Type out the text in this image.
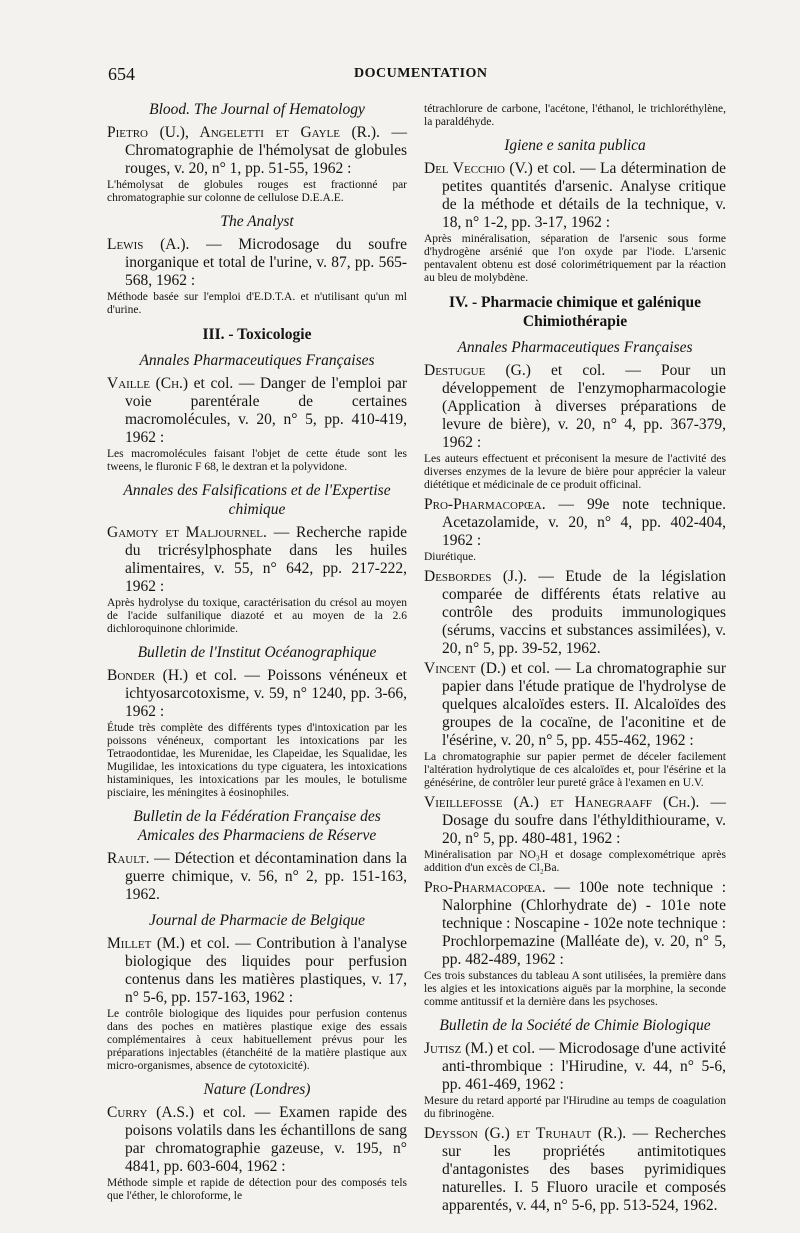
654	DOCUMENTATION

Blood. The Journal of Hematology

Pietro (U.), Angeletti et Gayle (R.). — Chromatographie de l'hémolysat de globules rouges, v. 20, n° 1, pp. 51-55, 1962 :

L'hémolysat de globules rouges est fractionné par chromatographie sur colonne de cellulose D.E.A.E.

The Analyst

Lewis (A.). — Microdosage du soufre inorganique et total de l'urine, v. 87, pp. 565-568, 1962 :

Méthode basée sur l'emploi d'E.D.T.A. et n'utilisant qu'un ml d'urine.

III. - Toxicologie

Annales Pharmaceutiques Françaises

Vaille (Ch.) et col. — Danger de l'emploi par voie parentérale de certaines macromolécules, v. 20, n° 5, pp. 410-419, 1962 :

Les macromolécules faisant l'objet de cette étude sont les tweens, le fluronic F 68, le dextran et la polyvidone.

Annales des Falsifications et de l'Expertise chimique

Gamoty et Maljournel. — Recherche rapide du tricrésylphosphate dans les huiles alimentaires, v. 55, n° 642, pp. 217-222, 1962 :

Après hydrolyse du toxique, caractérisation du crésol au moyen de l'acide sulfanilique diazoté et au moyen de la 2.6 dichloroquinone chlorimide.

Bulletin de l'Institut Océanographique

Bonder (H.) et col. — Poissons vénéneux et ichtyosarcotoxisme, v. 59, n° 1240, pp. 3-66, 1962 :

Étude très complète des différents types d'intoxication par les poissons vénéneux, comportant les intoxications par les Tetraodontidae, les Murenidae, les Clapeidae, les Squalidae, les Mugilidae, les intoxications du type ciguatera, les intoxications histaminiques, les intoxications par les moules, le botulisme pisciaire, les méningites à éosinophiles.

Bulletin de la Fédération Française des Amicales des Pharmaciens de Réserve

Rault. — Détection et décontamination dans la guerre chimique, v. 56, n° 2, pp. 151-163, 1962.

Journal de Pharmacie de Belgique

Millet (M.) et col. — Contribution à l'analyse biologique des liquides pour perfusion contenus dans les matières plastiques, v. 17, n° 5-6, pp. 157-163, 1962 :

Le contrôle biologique des liquides pour perfusion contenus dans des poches en matières plastique exige des essais complémentaires à ceux habituellement prévus pour les préparations injectables (étanchéité de la matière plastique aux micro-organismes, absence de cytotoxicité).

Nature (Londres)

Curry (A.S.) et col. — Examen rapide des poisons volatils dans les échantillons de sang par chromatographie gazeuse, v. 195, n° 4841, pp. 603-604, 1962 :

Méthode simple et rapide de détection pour des composés tels que l'éther, le chloroforme, le

tétrachlorure de carbone, l'acétone, l'éthanol, le trichloréthylène, la paraldéhyde.

Igiene e sanita publica

Del Vecchio (V.) et col. — La détermination de petites quantités d'arsenic. Analyse critique de la méthode et détails de la technique, v. 18, n° 1-2, pp. 3-17, 1962 :

Après minéralisation, séparation de l'arsenic sous forme d'hydrogène arsénié que l'on oxyde par l'iode. L'arsenic pentavalent obtenu est dosé colorimétriquement par la réaction au bleu de molybdène.

IV. - Pharmacie chimique et galénique Chimiothérapie

Annales Pharmaceutiques Françaises

Destugue (G.) et col. — Pour un développement de l'enzymopharmacologie (Application à diverses préparations de levure de bière), v. 20, n° 4, pp. 367-379, 1962 :

Les auteurs effectuent et préconisent la mesure de l'activité des diverses enzymes de la levure de bière pour apprécier la valeur diététique et médicinale de ce produit officinal.

Pro-Pharmacopœa. — 99e note technique. Acetazolamide, v. 20, n° 4, pp. 402-404, 1962 :

Diurétique.

Desbordes (J.). — Etude de la législation comparée de différents états relative au contrôle des produits immunologiques (sérums, vaccins et substances assimilées), v. 20, n° 5, pp. 39-52, 1962.

Vincent (D.) et col. — La chromatographie sur papier dans l'étude pratique de l'hydrolyse de quelques alcaloïdes esters. II. Alcaloïdes des groupes de la cocaïne, de l'aconitine et de l'ésérine, v. 20, n° 5, pp. 455-462, 1962 :

La chromatographie sur papier permet de déceler facilement l'altération hydrolytique de ces alcaloïdes et, pour l'ésérine et la génésérine, de contrôler leur pureté grâce à l'examen en U.V.

Vieillefosse (A.) et Hanegraaff (Ch.). — Dosage du soufre dans l'éthyldithiourame, v. 20, n° 5, pp. 480-481, 1962 :

Minéralisation par NO₃H et dosage complexométrique après addition d'un excès de Cl₂Ba.

Pro-Pharmacopœa. — 100e note technique : Nalorphine (Chlorhydrate de) - 101e note technique : Noscapine - 102e note technique : Prochlorpemazine (Malléate de), v. 20, n° 5, pp. 482-489, 1962 :

Ces trois substances du tableau A sont utilisées, la première dans les algies et les intoxications aiguës par la morphine, la seconde comme antitussif et la dernière dans les psychoses.

Bulletin de la Société de Chimie Biologique

Jutisz (M.) et col. — Microdosage d'une activité anti-thrombique : l'Hirudine, v. 44, n° 5-6, pp. 461-469, 1962 :

Mesure du retard apporté par l'Hirudine au temps de coagulation du fibrinogène.

Deysson (G.) et Truhaut (R.). — Recherches sur les propriétés antimitotiques d'antagonistes des bases pyrimidiques naturelles. I. 5 Fluoro uracile et composés apparentés, v. 44, n° 5-6, pp. 513-524, 1962.
